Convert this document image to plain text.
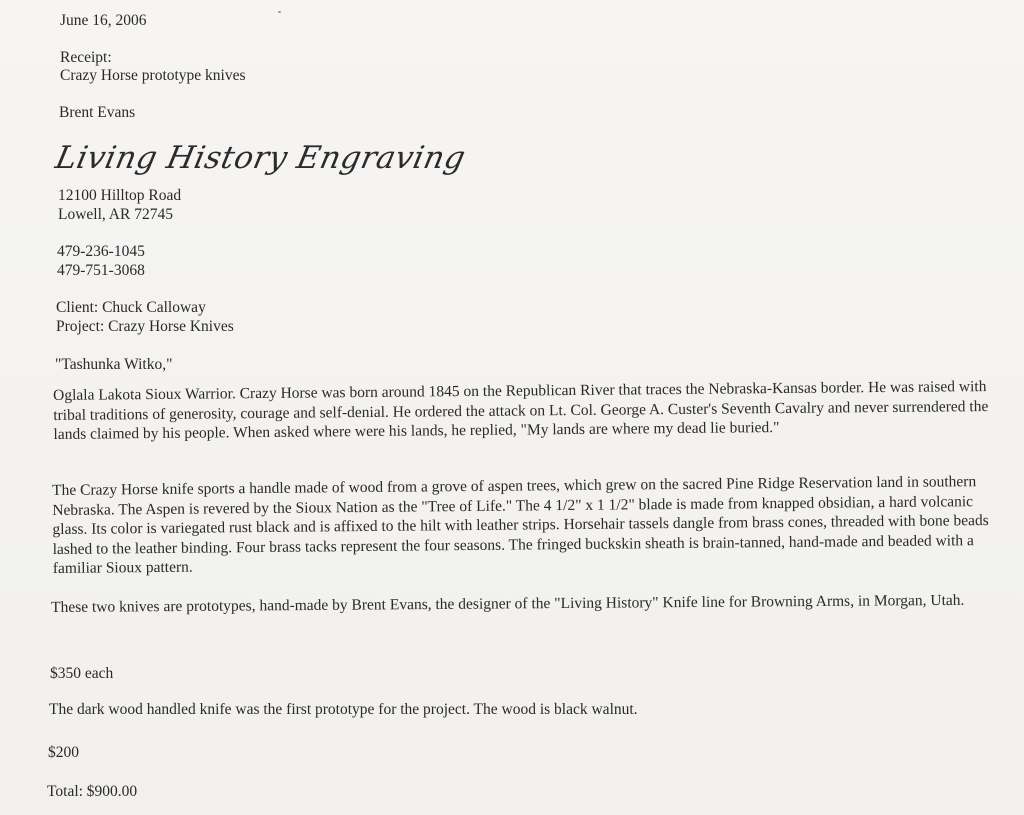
June 16, 2006
Receipt:
Crazy Horse prototype knives
Brent Evans
Living History Engraving
12100 Hilltop Road
Lowell, AR 72745
479-236-1045
479-751-3068
Client: Chuck Calloway
Project: Crazy Horse Knives
"Tashunka Witko,"
Oglala Lakota Sioux Warrior. Crazy Horse was born around 1845 on the Republican River that traces the Nebraska-Kansas border. He was raised with tribal traditions of generosity, courage and self-denial. He ordered the attack on Lt. Col. George A. Custer's Seventh Cavalry and never surrendered the lands claimed by his people. When asked where were his lands, he replied, "My lands are where my dead lie buried."
The Crazy Horse knife sports a handle made of wood from a grove of aspen trees, which grew on the sacred Pine Ridge Reservation land in southern Nebraska. The Aspen is revered by the Sioux Nation as the "Tree of Life." The 4 1/2" x 1 1/2" blade is made from knapped obsidian, a hard volcanic glass. Its color is variegated rust black and is affixed to the hilt with leather strips. Horsehair tassels dangle from brass cones, threaded with bone beads lashed to the leather binding. Four brass tacks represent the four seasons. The fringed buckskin sheath is brain-tanned, hand-made and beaded with a familiar Sioux pattern.
These two knives are prototypes, hand-made by Brent Evans, the designer of the "Living History" Knife line for Browning Arms, in Morgan, Utah.
$350 each
The dark wood handled knife was the first prototype for the project. The wood is black walnut.
$200
Total: $900.00
